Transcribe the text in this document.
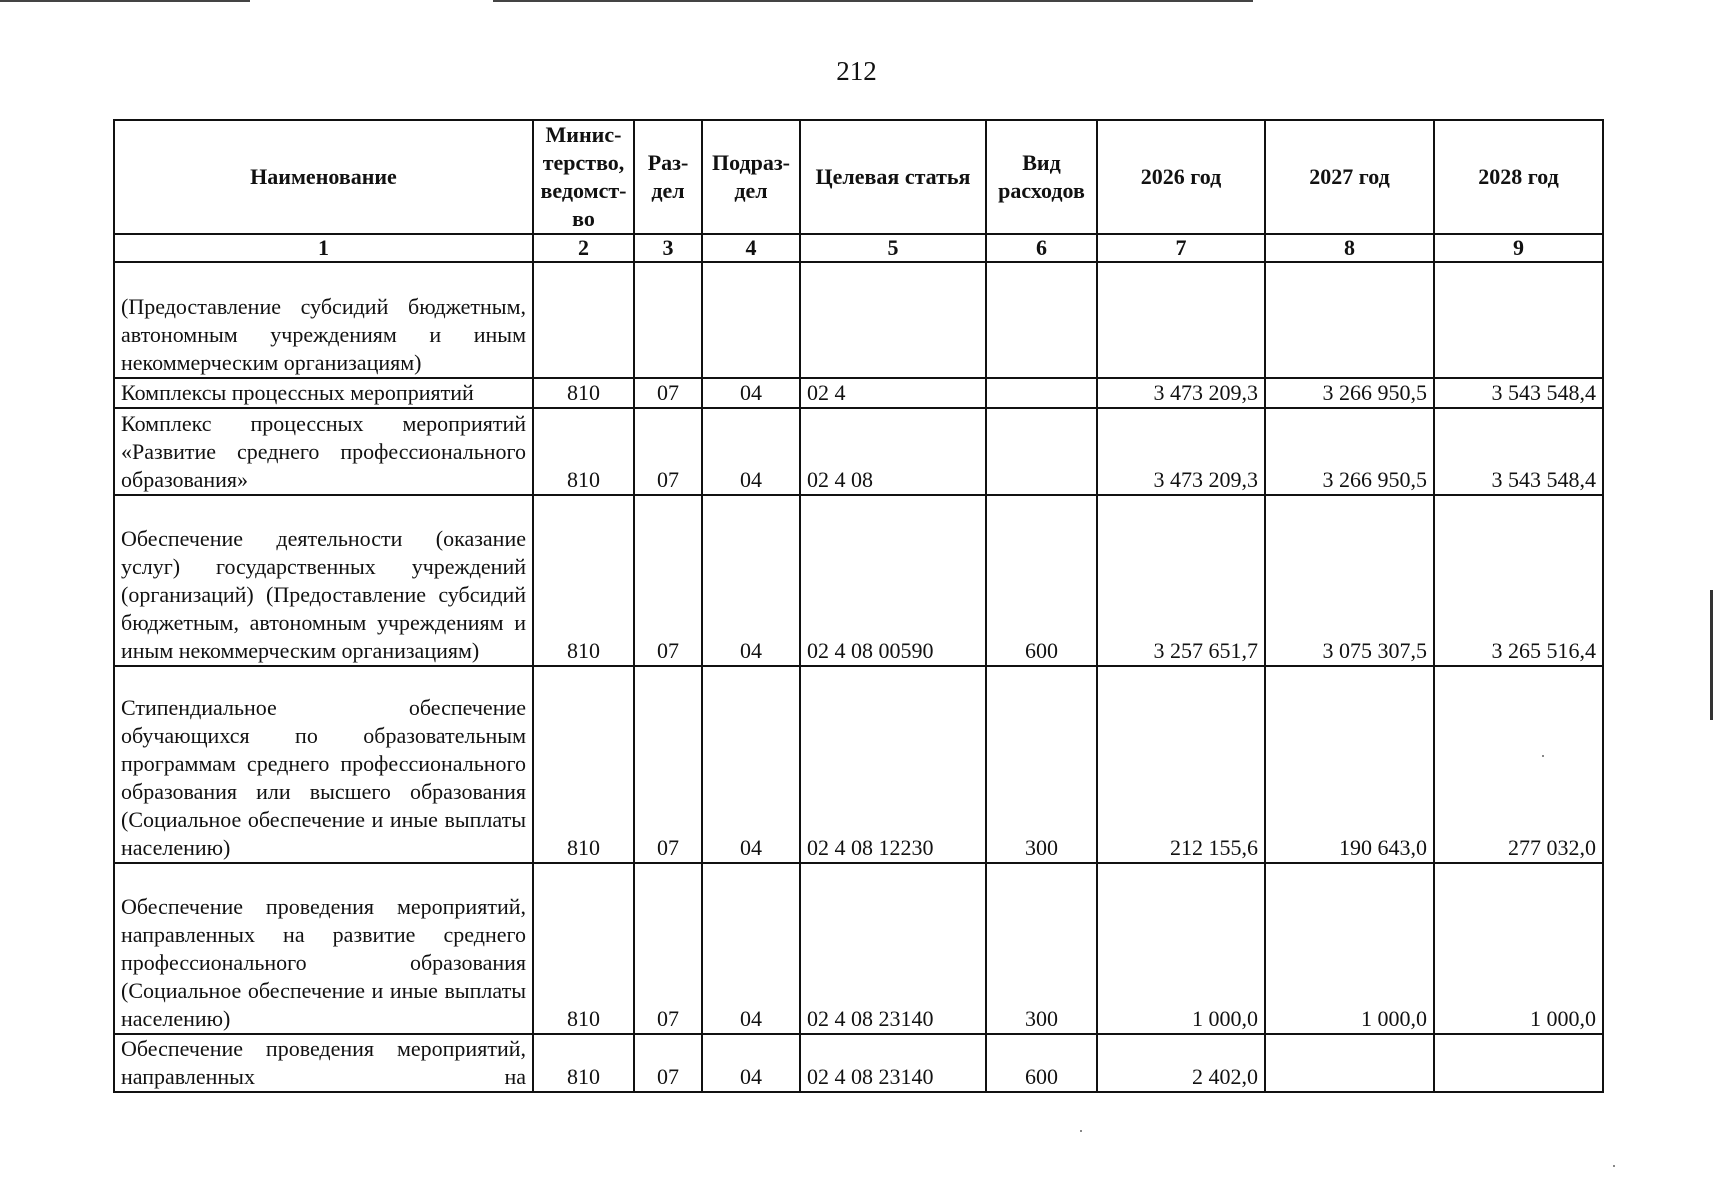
212
Наименование	Минис-терство, ведомст-во	Раз-дел	Подраз-дел	Целевая статья	Вид расходов	2026 год	2027 год	2028 год
1	2	3	4	5	6	7	8	9
(Предоставление субсидий бюджетным, автономным учреждениям и иным некоммерческим организациям)								
Комплексы процессных мероприятий	810	07	04	02 4		3 473 209,3	3 266 950,5	3 543 548,4
Комплекс процессных мероприятий «Развитие среднего профессионального образования»	810	07	04	02 4 08		3 473 209,3	3 266 950,5	3 543 548,4
Обеспечение деятельности (оказание услуг) государственных учреждений (организаций) (Предоставление субсидий бюджетным, автономным учреждениям и иным некоммерческим организациям)	810	07	04	02 4 08 00590	600	3 257 651,7	3 075 307,5	3 265 516,4
Стипендиальное обеспечение обучающихся по образовательным программам среднего профессионального образования или высшего образования (Социальное обеспечение и иные выплаты населению)	810	07	04	02 4 08 12230	300	212 155,6	190 643,0	277 032,0
Обеспечение проведения мероприятий, направленных на развитие среднего профессионального образования (Социальное обеспечение и иные выплаты населению)	810	07	04	02 4 08 23140	300	1 000,0	1 000,0	1 000,0
Обеспечение проведения мероприятий, направленных на	810	07	04	02 4 08 23140	600	2 402,0		
